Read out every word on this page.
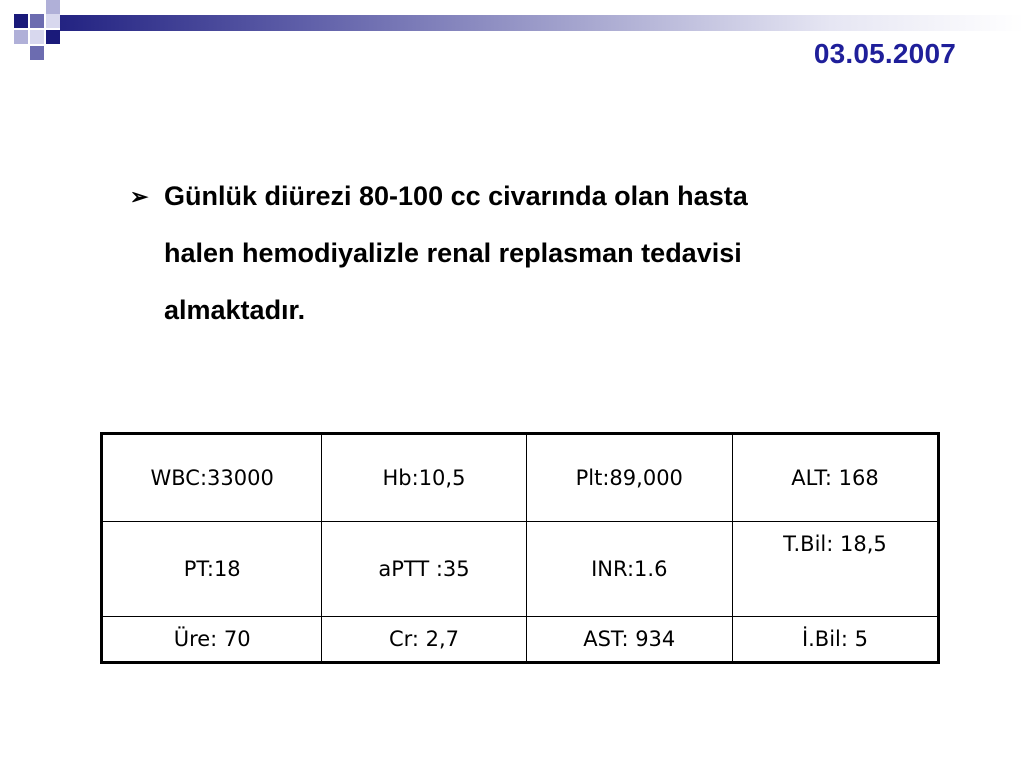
03.05.2007
➢ Günlük diürezi 80-100 cc civarında olan hasta
halen hemodiyalizle renal replasman tedavisi
almaktadır.
WBC:33000	Hb:10,5	Plt:89,000	ALT: 168
PT:18	aPTT :35	INR:1.6	T.Bil: 18,5
Üre: 70	Cr: 2,7	AST: 934	İ.Bil: 5
